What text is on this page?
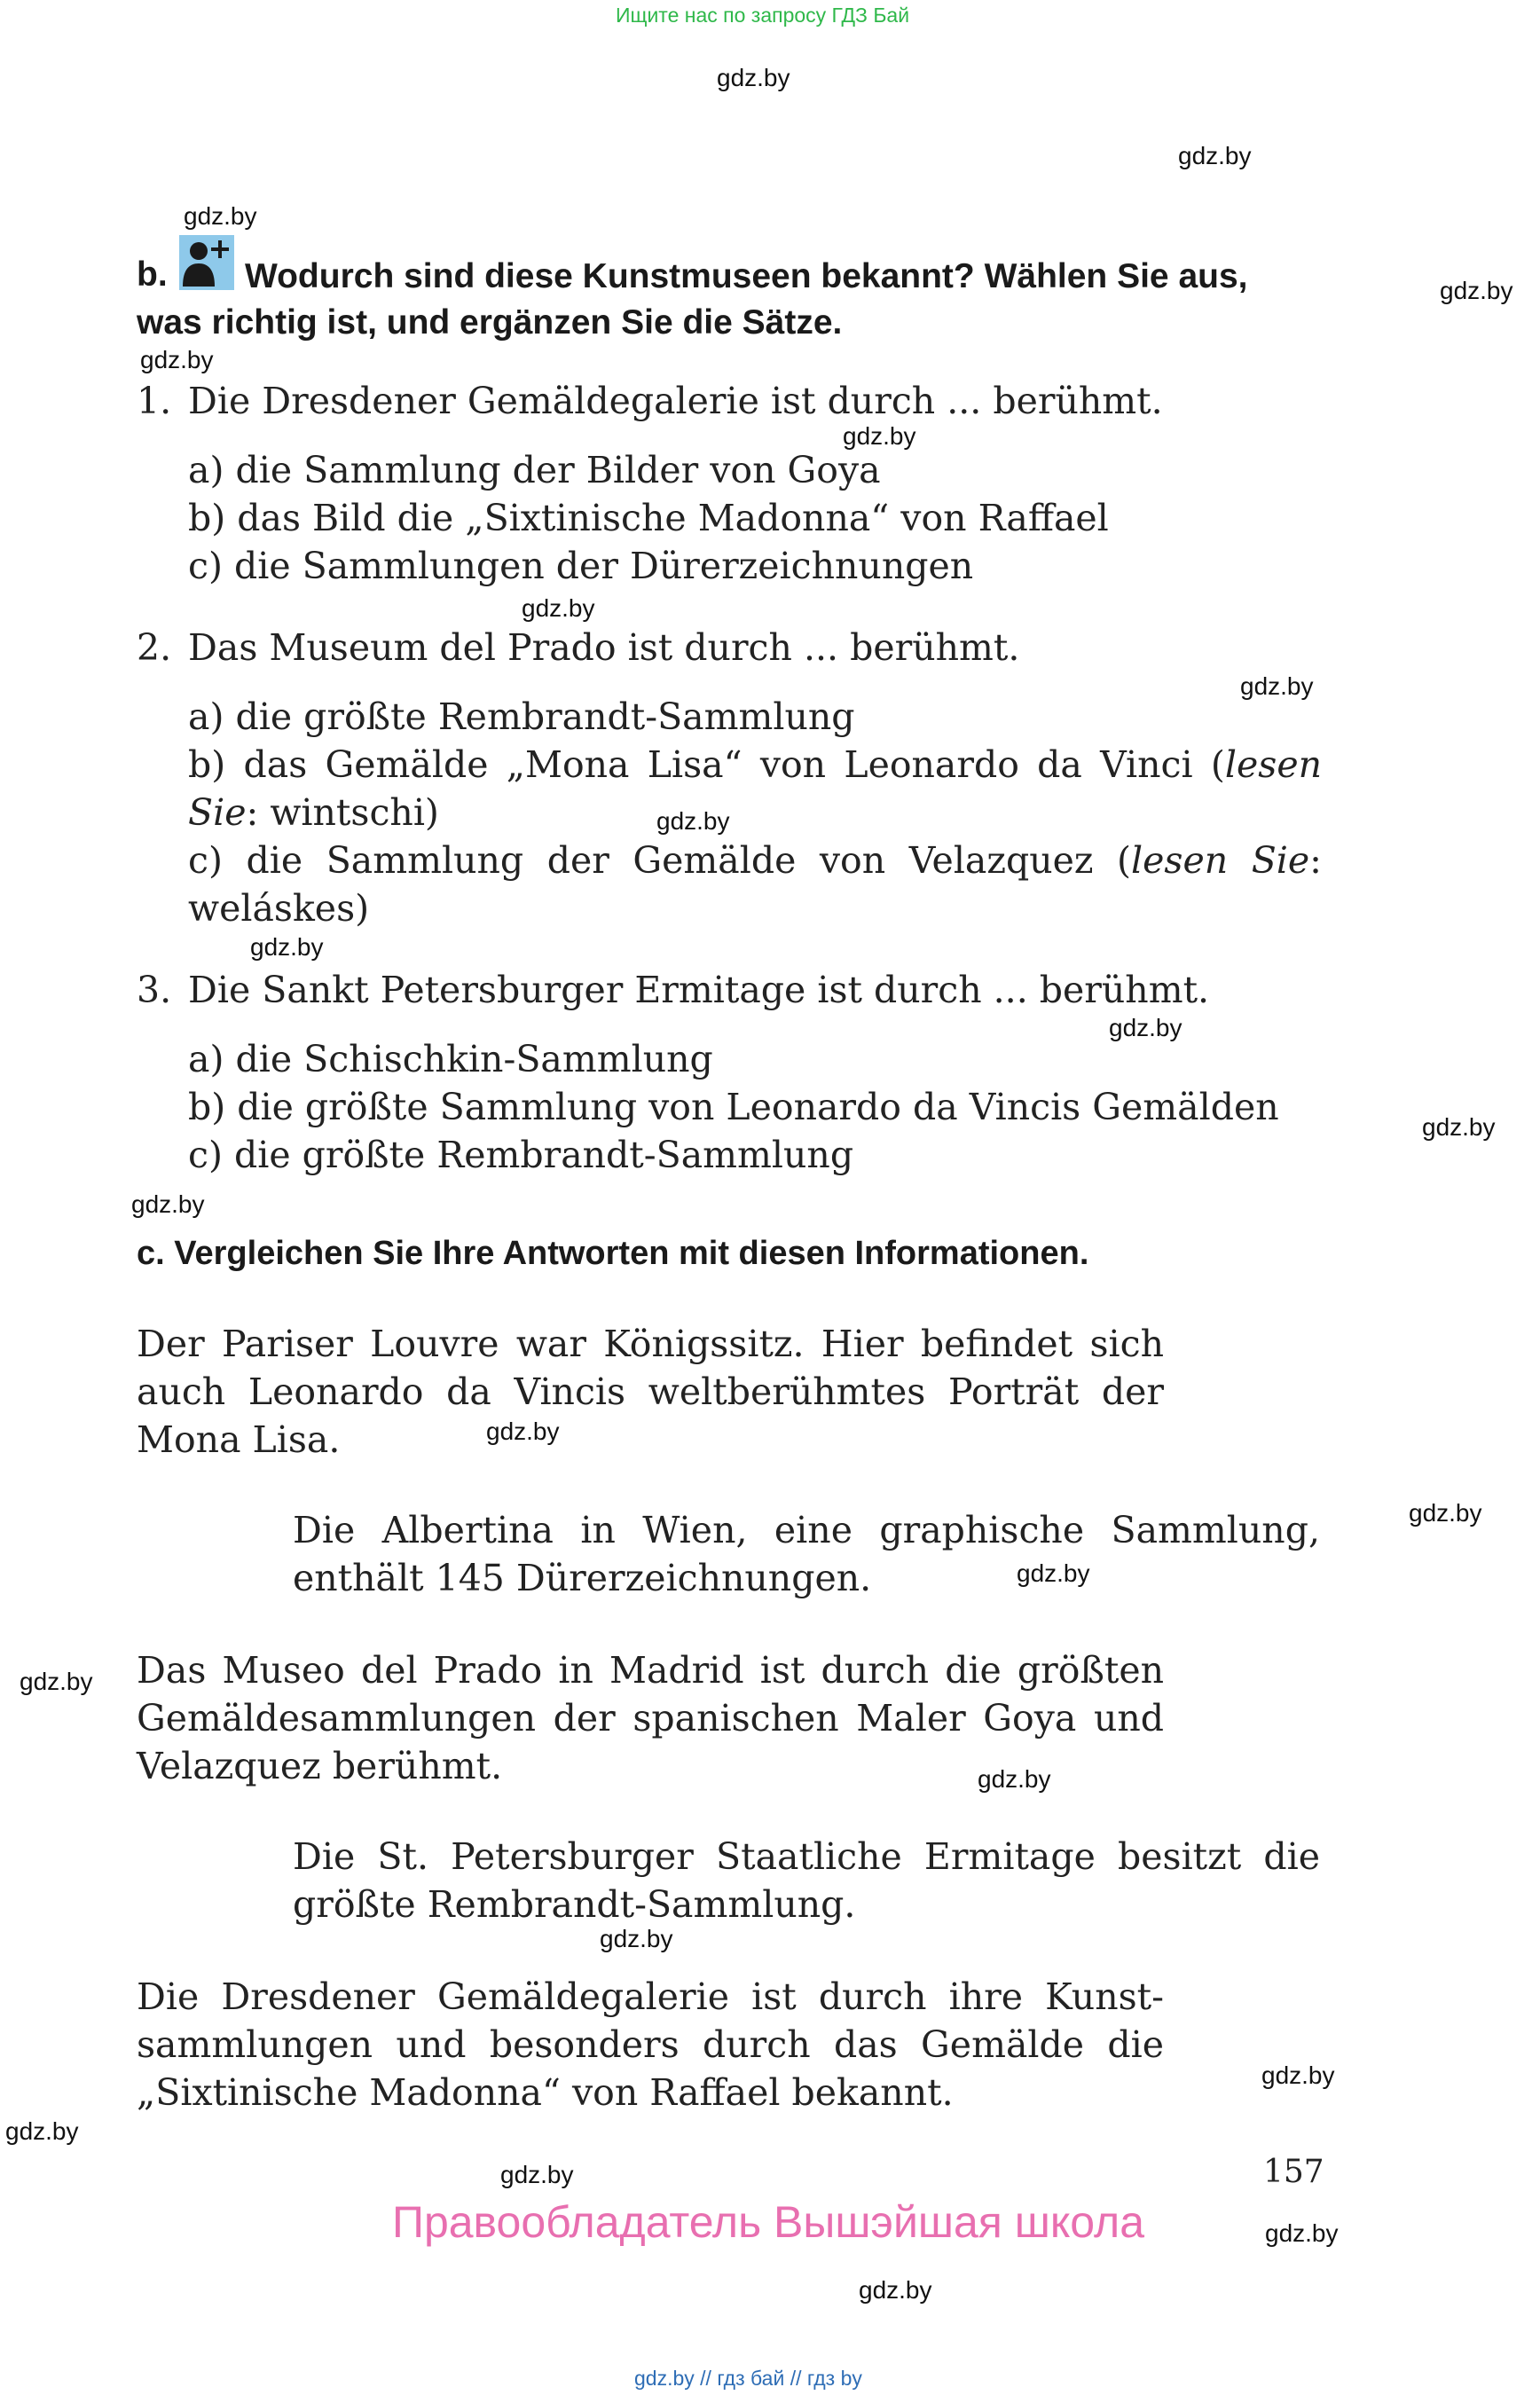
Ищите нас по запросу ГДЗ Бай
gdz.by
gdz.by
gdz.by
gdz.by
gdz.by
gdz.by
gdz.by
gdz.by
gdz.by
gdz.by
gdz.by
gdz.by
gdz.by
gdz.by
gdz.by
gdz.by
gdz.by
gdz.by
gdz.by
gdz.by
gdz.by
gdz.by
gdz.by
gdz.by
b. Wodurch sind diese Kunstmuseen bekannt? Wählen Sie aus,
was richtig ist, und ergänzen Sie die Sätze.
1. Die Dresdener Gemäldegalerie ist durch ... berühmt.
a) die Sammlung der Bilder von Goya
b) das Bild die „Sixtinische Madonna“ von Raffael
c) die Sammlungen der Dürerzeichnungen
2. Das Museum del Prado ist durch ... berühmt.
a) die größte Rembrandt-Sammlung
b) das Gemälde „Mona Lisa“ von Leonardo da Vinci (lesen
Sie: wintschi)
c) die Sammlung der Gemälde von Velazquez (lesen Sie:
weláskes)
3. Die Sankt Petersburger Ermitage ist durch ... berühmt.
a) die Schischkin-Sammlung
b) die größte Sammlung von Leonardo da Vincis Gemälden
c) die größte Rembrandt-Sammlung
c. Vergleichen Sie Ihre Antworten mit diesen Informationen.
Der Pariser Louvre war Königssitz. Hier befindet sich
auch Leonardo da Vincis weltberühmtes Porträt der
Mona Lisa.
Die Albertina in Wien, eine graphische Sammlung,
enthält 145 Dürerzeichnungen.
Das Museo del Prado in Madrid ist durch die größten
Gemäldesammlungen der spanischen Maler Goya und
Velazquez berühmt.
Die St. Petersburger Staatliche Ermitage besitzt die
größte Rembrandt-Sammlung.
Die Dresdener Gemäldegalerie ist durch ihre Kunst-
sammlungen und besonders durch das Gemälde die
„Sixtinische Madonna“ von Raffael bekannt.
157
Правообладатель Вышэйшая школа
gdz.by // гдз бай // гдз by
